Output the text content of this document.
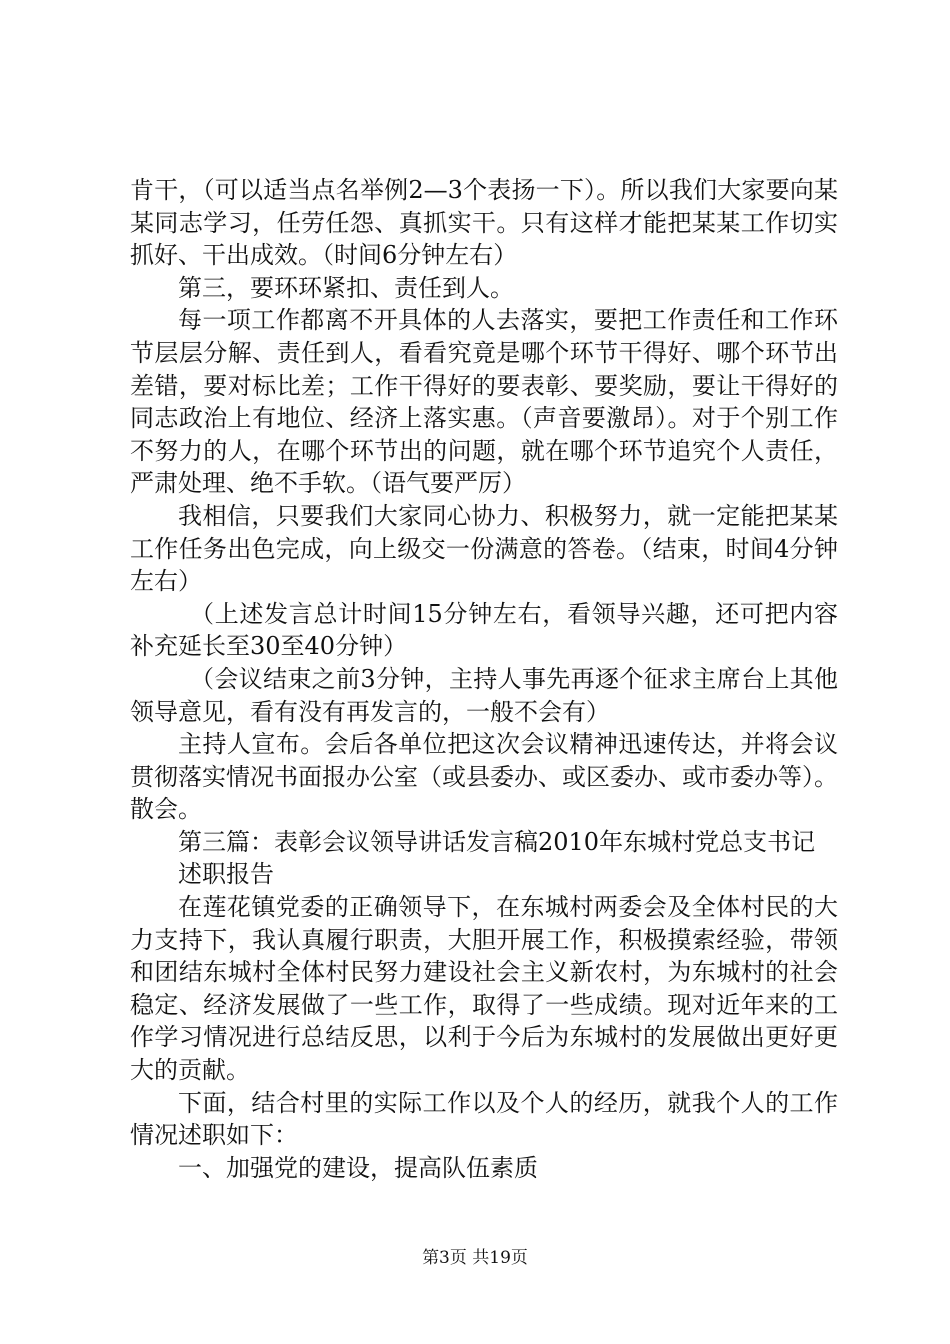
肯干，（可以适当点名举例2—3个表扬一下）。所以我们大家要向某某同志学习，任劳任怨、真抓实干。只有这样才能把某某工作切实抓好、干出成效。（时间6分钟左右）

第三，要环环紧扣、责任到人。

每一项工作都离不开具体的人去落实，要把工作责任和工作环节层层分解、责任到人，看看究竟是哪个环节干得好、哪个环节出差错，要对标比差；工作干得好的要表彰、要奖励，要让干得好的同志政治上有地位、经济上落实惠。（声音要激昂）。对于个别工作不努力的人，在哪个环节出的问题，就在哪个环节追究个人责任，严肃处理、绝不手软。（语气要严厉）

我相信，只要我们大家同心协力、积极努力，就一定能把某某工作任务出色完成，向上级交一份满意的答卷。（结束，时间4分钟左右）

（上述发言总计时间15分钟左右，看领导兴趣，还可把内容补充延长至30至40分钟）

（会议结束之前3分钟，主持人事先再逐个征求主席台上其他领导意见，看有没有再发言的，一般不会有）

主持人宣布。会后各单位把这次会议精神迅速传达，并将会议贯彻落实情况书面报办公室（或县委办、或区委办、或市委办等）。散会。

第三篇：表彰会议领导讲话发言稿2010年东城村党总支书记

述职报告

在莲花镇党委的正确领导下，在东城村两委会及全体村民的大力支持下，我认真履行职责，大胆开展工作，积极摸索经验，带领和团结东城村全体村民努力建设社会主义新农村，为东城村的社会稳定、经济发展做了一些工作，取得了一些成绩。现对近年来的工作学习情况进行总结反思，以利于今后为东城村的发展做出更好更大的贡献。

下面，结合村里的实际工作以及个人的经历，就我个人的工作情况述职如下：

一、加强党的建设，提高队伍素质

第3页 共19页
